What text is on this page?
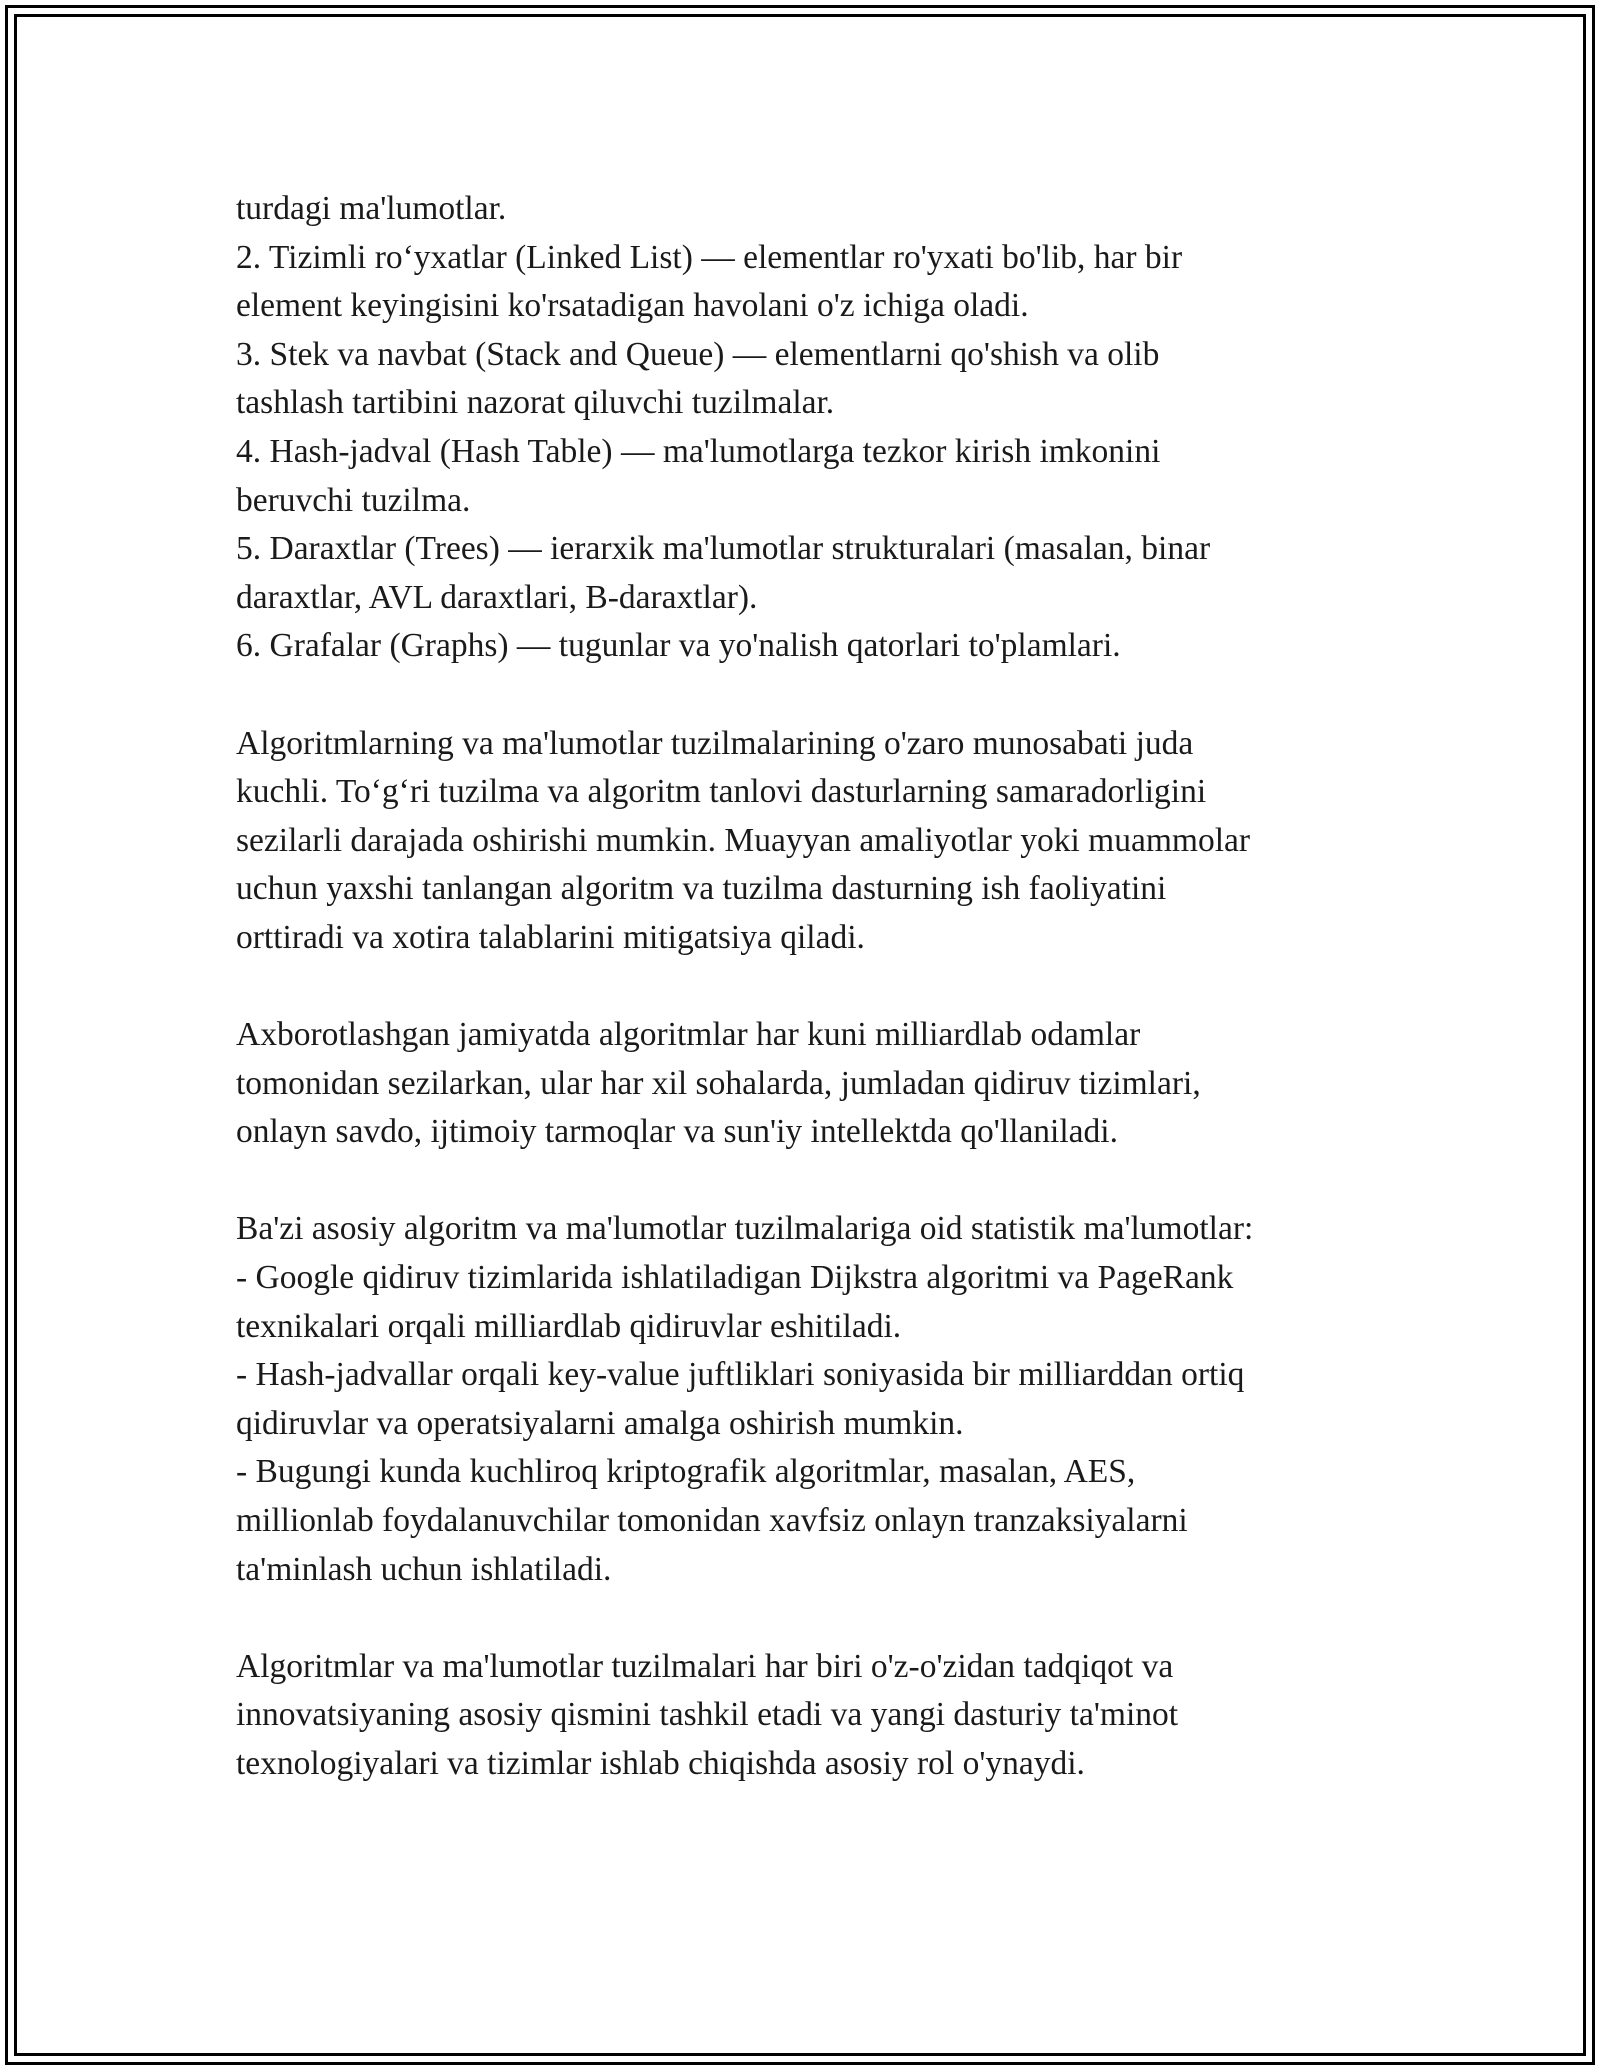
turdagi ma'lumotlar.
2. Tizimli ro‘yxatlar (Linked List) — elementlar ro'yxati bo'lib, har bir
element keyingisini ko'rsatadigan havolani o'z ichiga oladi.
3. Stek va navbat (Stack and Queue) — elementlarni qo'shish va olib
tashlash tartibini nazorat qiluvchi tuzilmalar.
4. Hash-jadval (Hash Table) — ma'lumotlarga tezkor kirish imkonini
beruvchi tuzilma.
5. Daraxtlar (Trees) — ierarxik ma'lumotlar strukturalari (masalan, binar
daraxtlar, AVL daraxtlari, B-daraxtlar).
6. Grafalar (Graphs) — tugunlar va yo'nalish qatorlari to'plamlari.
Algoritmlarning va ma'lumotlar tuzilmalarining o'zaro munosabati juda
kuchli. To‘g‘ri tuzilma va algoritm tanlovi dasturlarning samaradorligini
sezilarli darajada oshirishi mumkin. Muayyan amaliyotlar yoki muammolar
uchun yaxshi tanlangan algoritm va tuzilma dasturning ish faoliyatini
orttiradi va xotira talablarini mitigatsiya qiladi.
Axborotlashgan jamiyatda algoritmlar har kuni milliardlab odamlar
tomonidan sezilarkan, ular har xil sohalarda, jumladan qidiruv tizimlari,
onlayn savdo, ijtimoiy tarmoqlar va sun'iy intellektda qo'llaniladi.
Ba'zi asosiy algoritm va ma'lumotlar tuzilmalariga oid statistik ma'lumotlar:
- Google qidiruv tizimlarida ishlatiladigan Dijkstra algoritmi va PageRank
texnikalari orqali milliardlab qidiruvlar eshitiladi.
- Hash-jadvallar orqali key-value juftliklari soniyasida bir milliarddan ortiq
qidiruvlar va operatsiyalarni amalga oshirish mumkin.
- Bugungi kunda kuchliroq kriptografik algoritmlar, masalan, AES,
millionlab foydalanuvchilar tomonidan xavfsiz onlayn tranzaksiyalarni
ta'minlash uchun ishlatiladi.
Algoritmlar va ma'lumotlar tuzilmalari har biri o'z-o'zidan tadqiqot va
innovatsiyaning asosiy qismini tashkil etadi va yangi dasturiy ta'minot
texnologiyalari va tizimlar ishlab chiqishda asosiy rol o'ynaydi.
